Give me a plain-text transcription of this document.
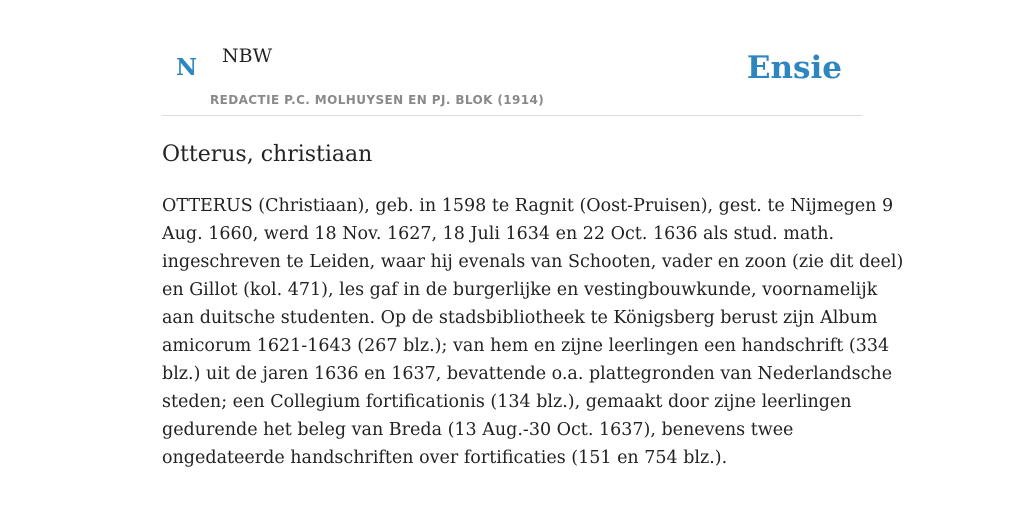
N NBW
REDACTIE P.C. MOLHUYSEN EN PJ. BLOK (1914)
Ensie
Otterus, christiaan

OTTERUS (Christiaan), geb. in 1598 te Ragnit (Oost-Pruisen), gest. te Nijmegen 9
Aug. 1660, werd 18 Nov. 1627, 18 Juli 1634 en 22 Oct. 1636 als stud. math.
ingeschreven te Leiden, waar hij evenals van Schooten, vader en zoon (zie dit deel)
en Gillot (kol. 471), les gaf in de burgerlijke en vestingbouwkunde, voornamelijk
aan duitsche studenten. Op de stadsbibliotheek te Königsberg berust zijn Album
amicorum 1621-1643 (267 blz.); van hem en zijne leerlingen een handschrift (334
blz.) uit de jaren 1636 en 1637, bevattende o.a. plattegronden van Nederlandsche
steden; een Collegium fortificationis (134 blz.), gemaakt door zijne leerlingen
gedurende het beleg van Breda (13 Aug.-30 Oct. 1637), benevens twee
ongedateerde handschriften over fortificaties (151 en 754 blz.).
